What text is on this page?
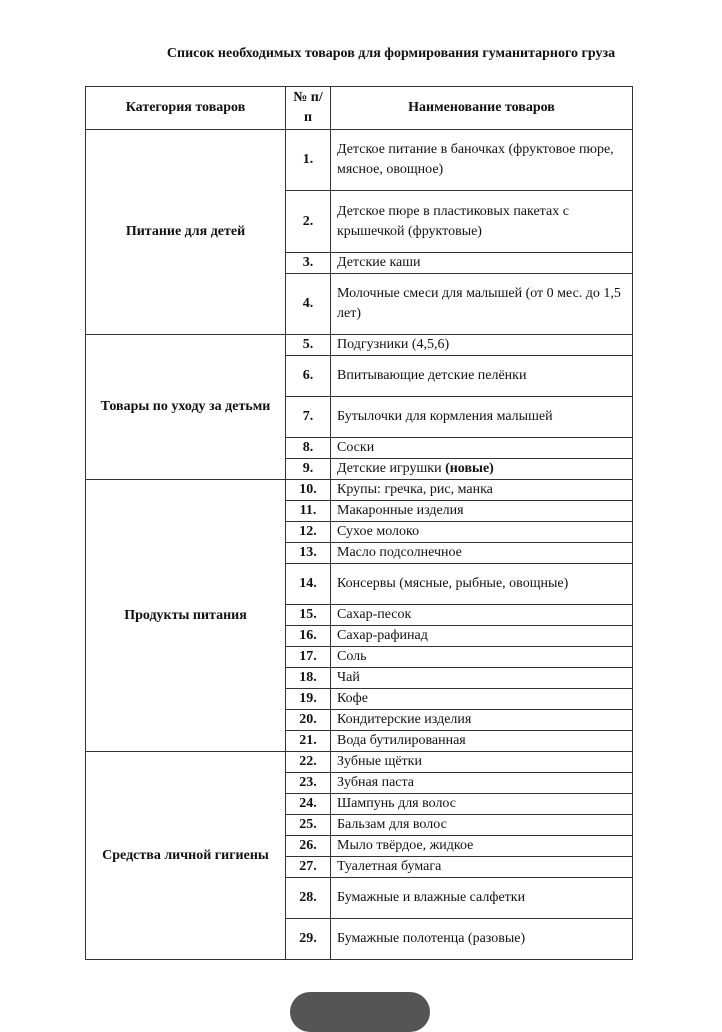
Список необходимых товаров для формирования гуманитарного груза
Категория товаров	№ п/п	Наименование товаров
Питание для детей	1.	Детское питание в баночках (фруктовое пюре, мясное, овощное)
	2.	Детское пюре в пластиковых пакетах с крышечкой (фруктовые)
	3.	Детские каши
	4.	Молочные смеси для малышей (от 0 мес. до 1,5 лет)
Товары по уходу за детьми	5.	Подгузники (4,5,6)
	6.	Впитывающие детские пелёнки
	7.	Бутылочки для кормления малышей
	8.	Соски
	9.	Детские игрушки (новые)
Продукты питания	10.	Крупы: гречка, рис, манка
	11.	Макаронные изделия
	12.	Сухое молоко
	13.	Масло подсолнечное
	14.	Консервы (мясные, рыбные, овощные)
	15.	Сахар-песок
	16.	Сахар-рафинад
	17.	Соль
	18.	Чай
	19.	Кофе
	20.	Кондитерские изделия
	21.	Вода бутилированная
Средства личной гигиены	22.	Зубные щётки
	23.	Зубная паста
	24.	Шампунь для волос
	25.	Бальзам для волос
	26.	Мыло твёрдое, жидкое
	27.	Туалетная бумага
	28.	Бумажные и влажные салфетки
	29.	Бумажные полотенца (разовые)
